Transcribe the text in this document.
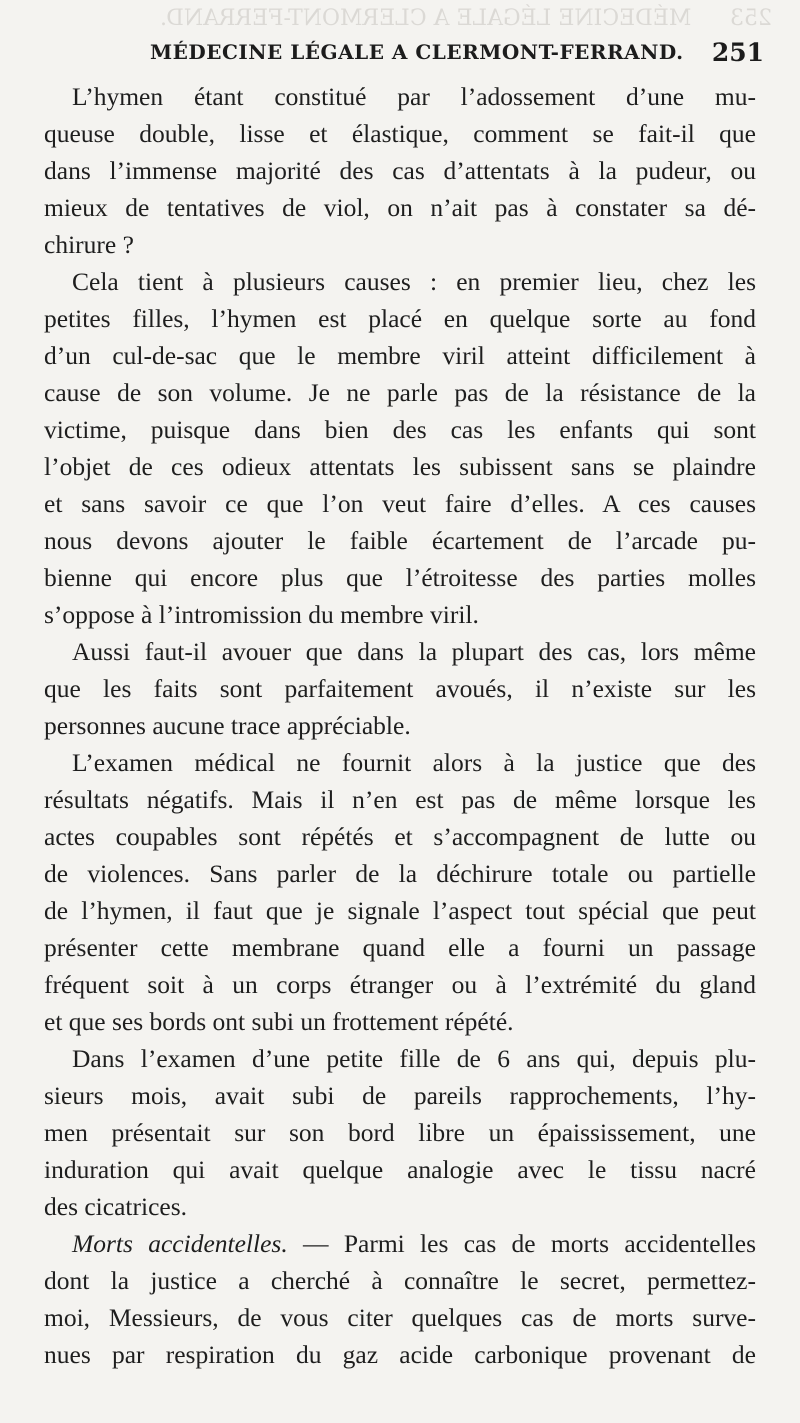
MÉDECINE LÉGALE A CLERMONT-FERRAND. 253
MÉDECINE LÉGALE A CLERMONT-FERRAND. 251
L’hymen étant constitué par l’adossement d’une mu-
queuse double, lisse et élastique, comment se fait-il que
dans l’immense majorité des cas d’attentats à la pudeur, ou
mieux de tentatives de viol, on n’ait pas à constater sa dé-
chirure ?
Cela tient à plusieurs causes : en premier lieu, chez les
petites filles, l’hymen est placé en quelque sorte au fond
d’un cul-de-sac que le membre viril atteint difficilement à
cause de son volume. Je ne parle pas de la résistance de la
victime, puisque dans bien des cas les enfants qui sont
l’objet de ces odieux attentats les subissent sans se plaindre
et sans savoir ce que l’on veut faire d’elles. A ces causes
nous devons ajouter le faible écartement de l’arcade pu-
bienne qui encore plus que l’étroitesse des parties molles
s’oppose à l’intromission du membre viril.
Aussi faut-il avouer que dans la plupart des cas, lors même
que les faits sont parfaitement avoués, il n’existe sur les
personnes aucune trace appréciable.
L’examen médical ne fournit alors à la justice que des
résultats négatifs. Mais il n’en est pas de même lorsque les
actes coupables sont répétés et s’accompagnent de lutte ou
de violences. Sans parler de la déchirure totale ou partielle
de l’hymen, il faut que je signale l’aspect tout spécial que peut
présenter cette membrane quand elle a fourni un passage
fréquent soit à un corps étranger ou à l’extrémité du gland
et que ses bords ont subi un frottement répété.
Dans l’examen d’une petite fille de 6 ans qui, depuis plu-
sieurs mois, avait subi de pareils rapprochements, l’hy-
men présentait sur son bord libre un épaississement, une
induration qui avait quelque analogie avec le tissu nacré
des cicatrices.
Morts accidentelles. — Parmi les cas de morts accidentelles
dont la justice a cherché à connaître le secret, permettez-
moi, Messieurs, de vous citer quelques cas de morts surve-
nues par respiration du gaz acide carbonique provenant de
